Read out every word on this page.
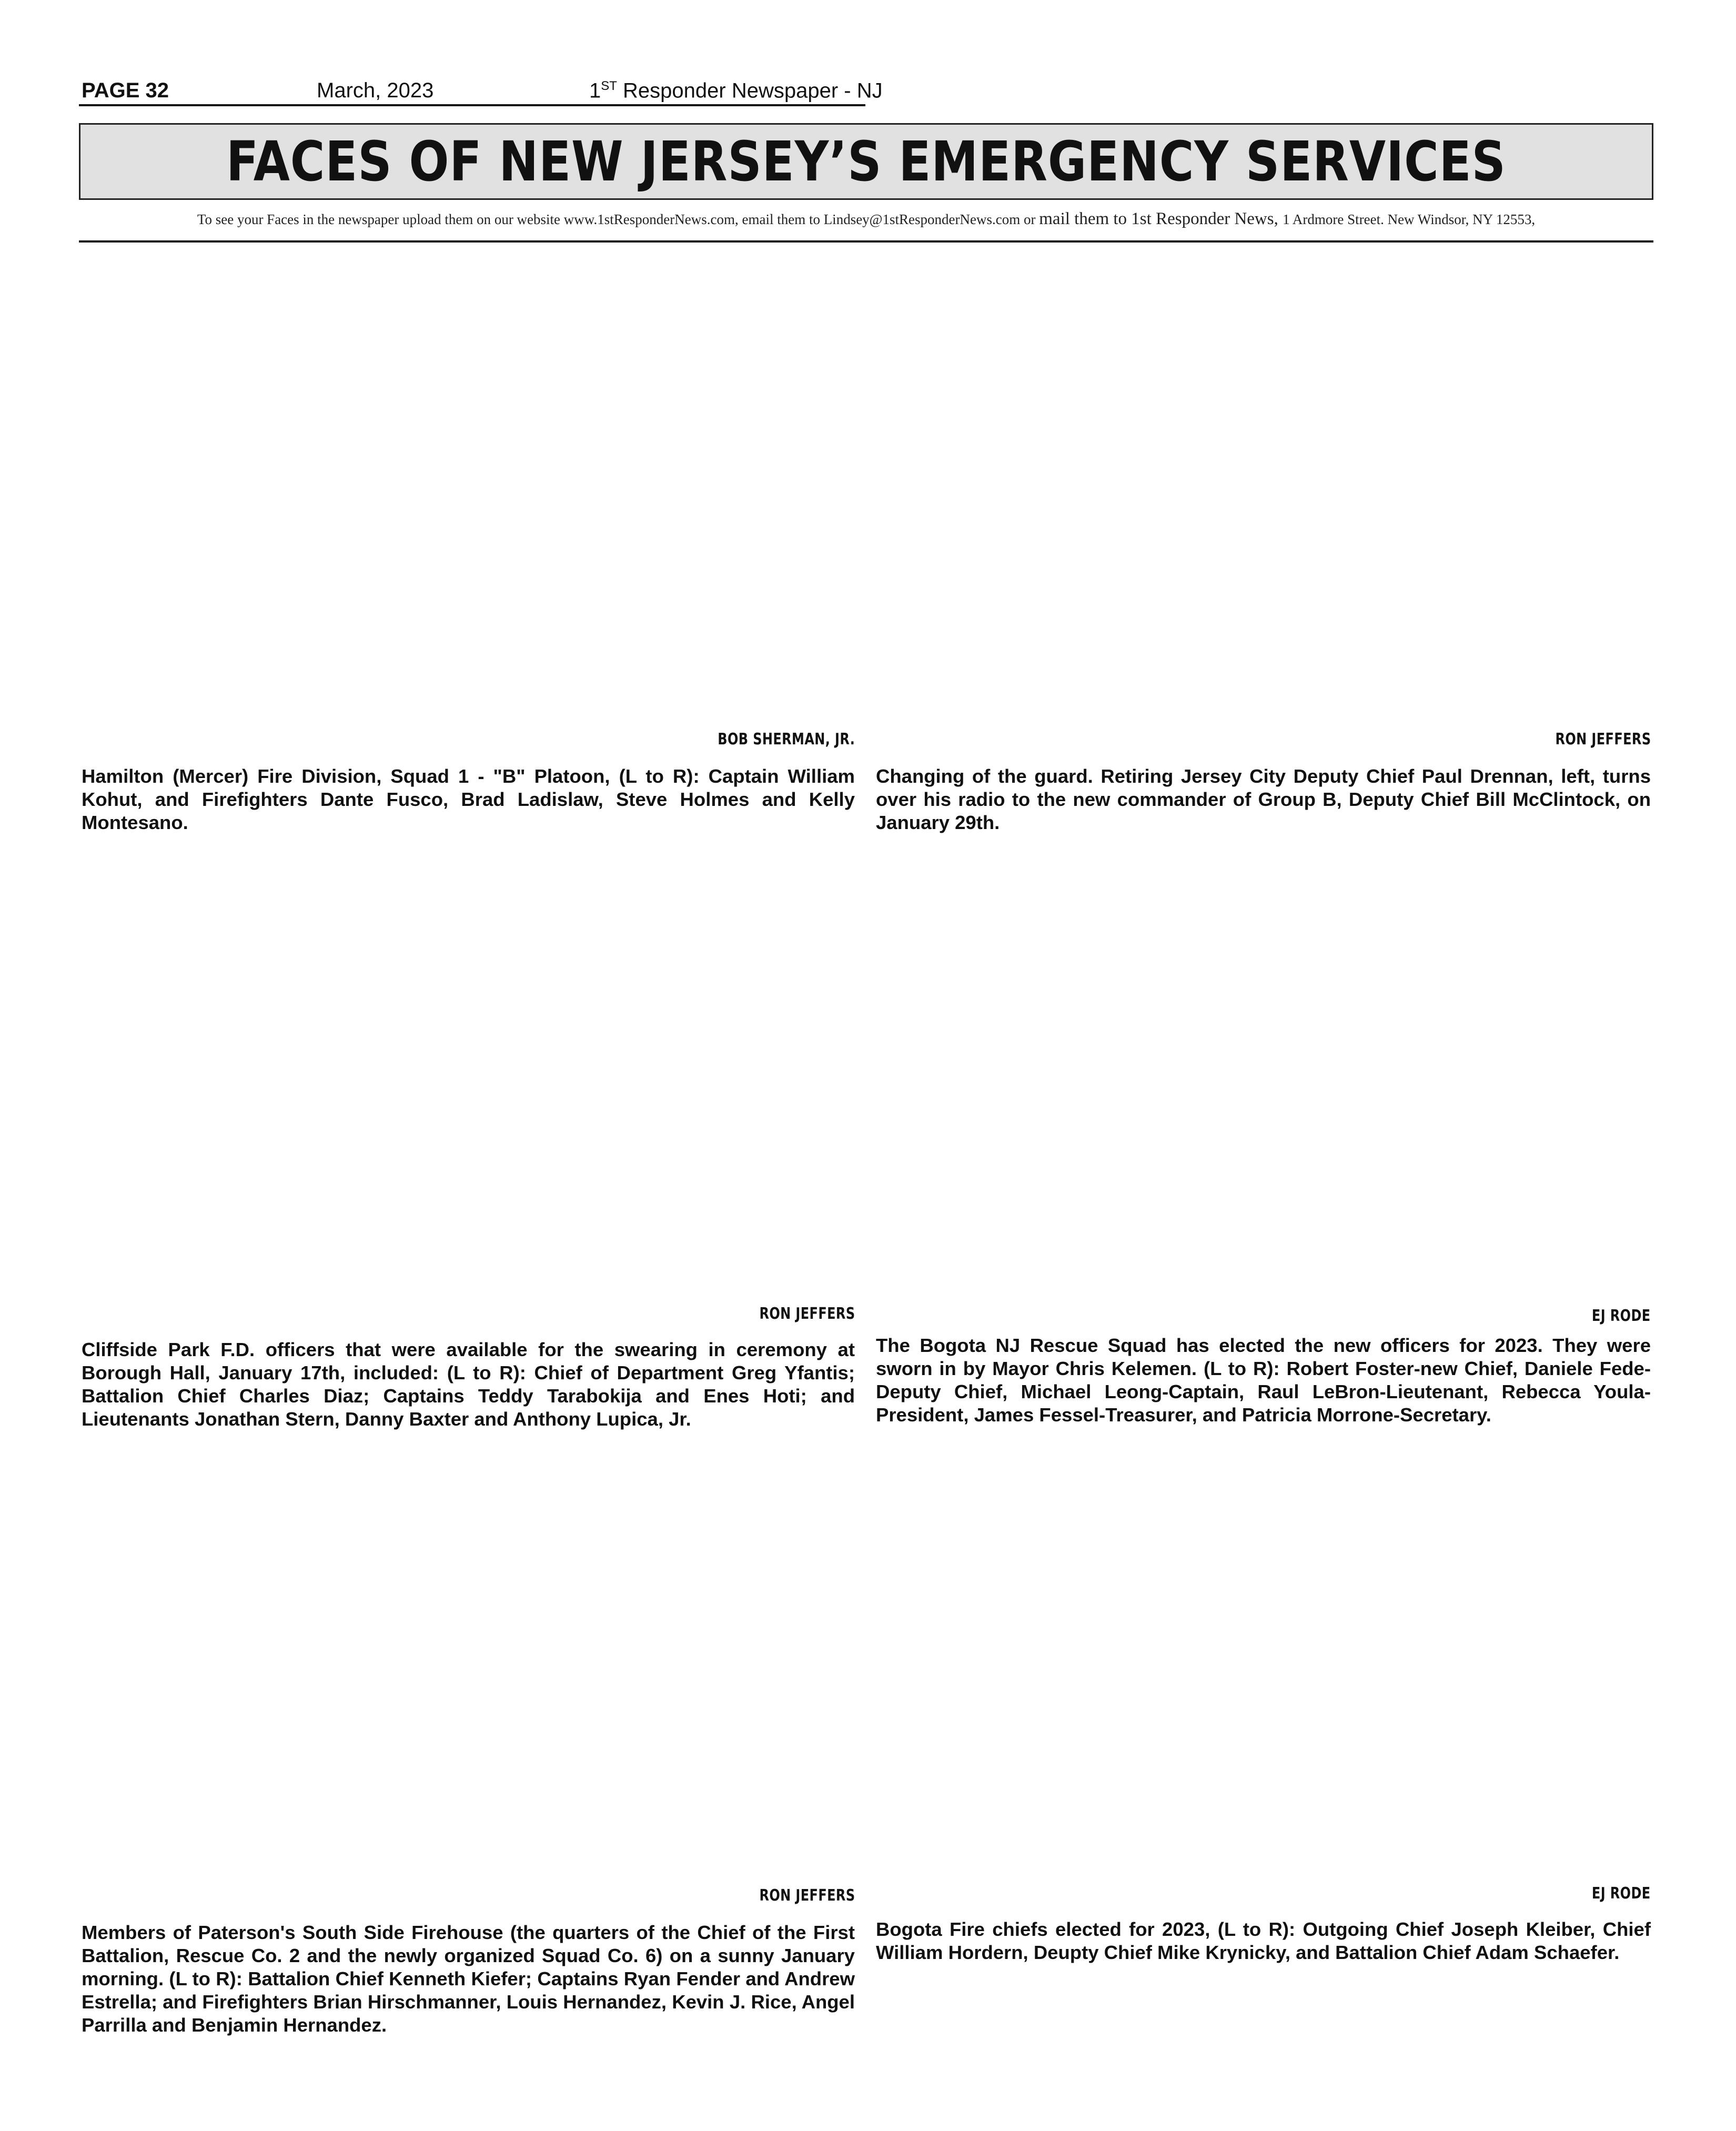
PAGE 32	March, 2023	1ST Responder Newspaper - NJ
FACES OF NEW JERSEY’S EMERGENCY SERVICES
To see your Faces in the newspaper upload them on our website www.1stResponderNews.com, email them to Lindsey@1stResponderNews.com or mail them to 1st Responder News, 1 Ardmore Street. New Windsor, NY 12553,
BOB SHERMAN, JR.

Hamilton (Mercer) Fire Division, Squad 1 - "B" Platoon, (L to R): Captain William Kohut, and Firefighters Dante Fusco, Brad Ladislaw, Steve Holmes and Kelly Montesano.

RON JEFFERS

Changing of the guard. Retiring Jersey City Deputy Chief Paul Drennan, left, turns over his radio to the new commander of Group B, Deputy Chief Bill McClintock, on January 29th.

RON JEFFERS

Cliffside Park F.D. officers that were available for the swearing in ceremony at Borough Hall, January 17th, included: (L to R): Chief of Department Greg Yfantis; Battalion Chief Charles Diaz; Captains Teddy Tarabokija and Enes Hoti; and Lieutenants Jonathan Stern, Danny Baxter and Anthony Lupica, Jr.

EJ RODE

The Bogota NJ Rescue Squad has elected the new officers for 2023. They were sworn in by Mayor Chris Kelemen. (L to R): Robert Foster-new Chief, Daniele Fede-Deputy Chief, Michael Leong-Captain, Raul LeBron-Lieutenant, Rebecca Youla-President, James Fessel-Treasurer, and Patricia Morrone-Secretary.

RON JEFFERS

Members of Paterson's South Side Firehouse (the quarters of the Chief of the First Battalion, Rescue Co. 2 and the newly organized Squad Co. 6) on a sunny January morning. (L to R): Battalion Chief Kenneth Kiefer; Captains Ryan Fender and Andrew Estrella; and Firefighters Brian Hirschmanner, Louis Hernandez, Kevin J. Rice, Angel Parrilla and Benjamin Hernandez.

EJ RODE

Bogota Fire chiefs elected for 2023, (L to R): Outgoing Chief Joseph Kleiber, Chief William Hordern, Deupty Chief Mike Krynicky, and Battalion Chief Adam Schaefer.
